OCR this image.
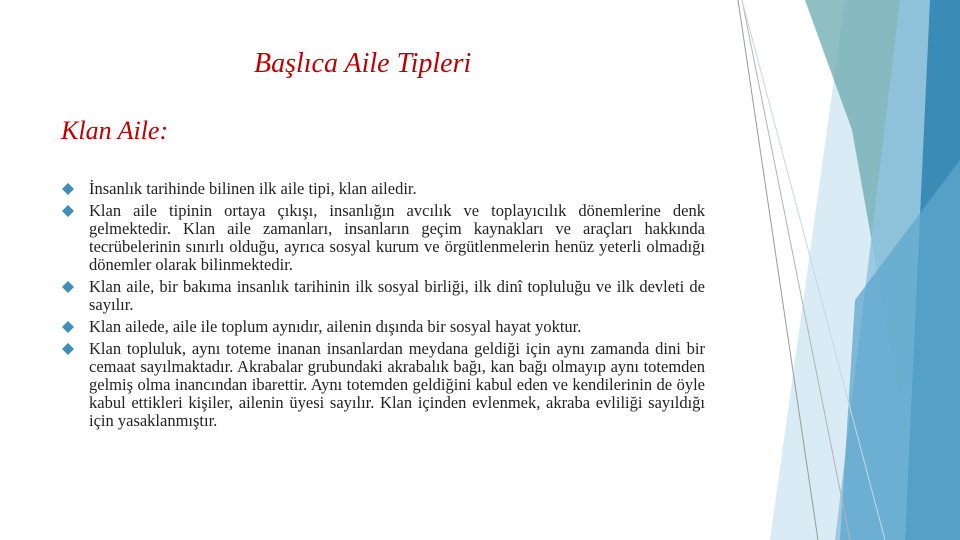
Başlıca Aile Tipleri
Klan Aile:
İnsanlık tarihinde bilinen ilk aile tipi, klan ailedir.
Klan aile tipinin ortaya çıkışı, insanlığın avcılık ve toplayıcılık dönemlerine denk gelmektedir. Klan aile zamanları, insanların geçim kaynakları ve araçları hakkında tecrübelerinin sınırlı olduğu, ayrıca sosyal kurum ve örgütlenmelerin henüz yeterli olmadığı dönemler olarak bilinmektedir.
Klan aile, bir bakıma insanlık tarihinin ilk sosyal birliği, ilk dinî topluluğu ve ilk devleti de sayılır.
Klan ailede, aile ile toplum aynıdır, ailenin dışında bir sosyal hayat yoktur.
Klan topluluk, aynı toteme inanan insanlardan meydana geldiği için aynı zamanda dini bir cemaat sayılmaktadır. Akrabalar grubundaki akrabalık bağı, kan bağı olmayıp aynı totemden gelmiş olma inancından ibarettir. Aynı totemden geldiğini kabul eden ve kendilerinin de öyle kabul ettikleri kişiler, ailenin üyesi sayılır. Klan içinden evlenmek, akraba evliliği sayıldığı için yasaklanmıştır.
